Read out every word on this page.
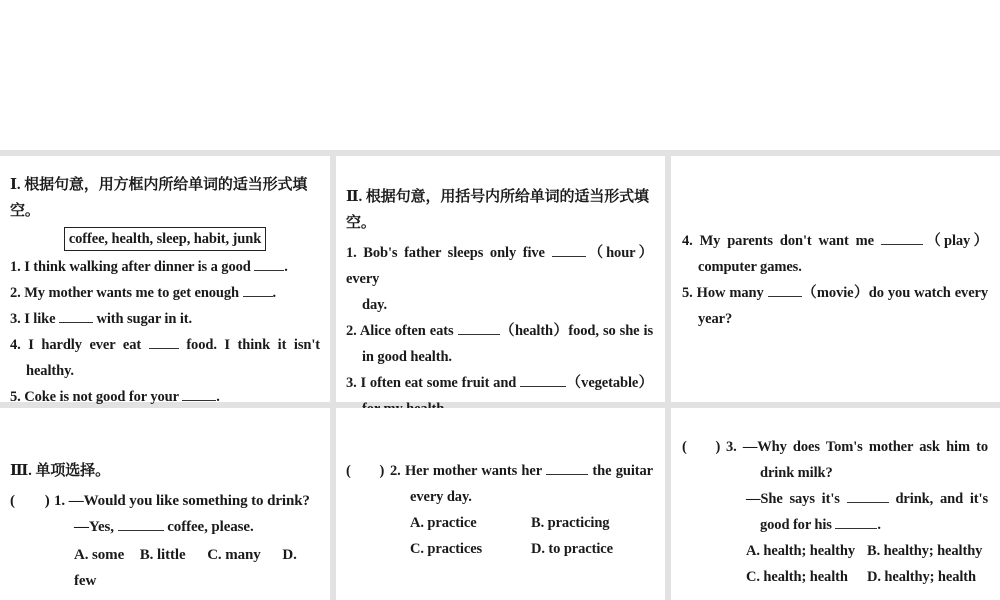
Ⅰ. 根据句意，用方框内所给单词的适当形式填空。
coffee, health, sleep, habit, junk
1. I think walking after dinner is a good .
2. My mother wants me to get enough .
3. I like	with sugar in it.
4. I hardly ever eat	food. I think it isn't
healthy.
5. Coke is not good for your	.
Ⅱ. 根据句意，用括号内所给单词的适当形式填空。
1. Bob's father sleeps only five	（hour）every
day.
2. Alice often eats	（health）food, so she is
in good health.
3. I often eat some fruit and	（vegetable）
4. My parents don't want me	（play）
computer games.
5. How many	（movie）do you watch every
year?
Ⅲ. 单项选择。
(　　) 1. —Would you like something to drink?
—Yes,	coffee, please.
A. some B. little C. many D. few
(　　) 2. Her mother wants her	the guitar
every day.
A. practice	B. practicing
C. practices	D. to practice
(　　) 3. —Why does Tom's mother ask him to
drink milk?
—She says it's	drink, and it's
good for his	.
A. health; healthy B. healthy; healthy
C. health; health D. healthy; health
